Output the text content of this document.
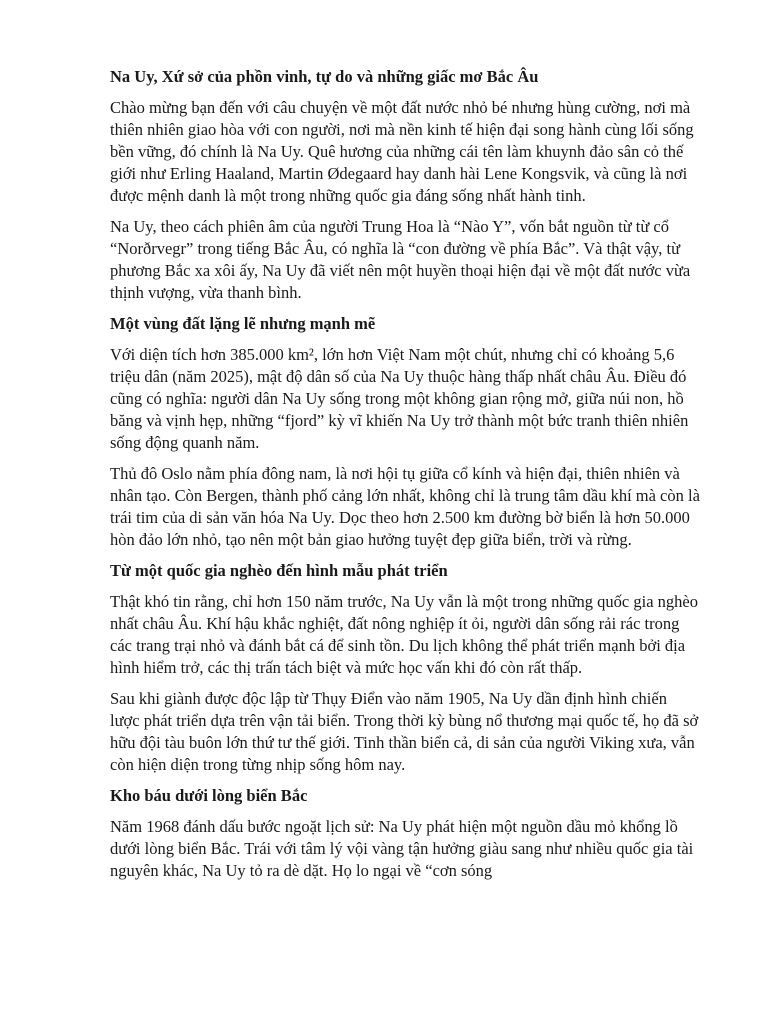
Na Uy, Xứ sở của phồn vinh, tự do và những giấc mơ Bắc Âu

Chào mừng bạn đến với câu chuyện về một đất nước nhỏ bé nhưng hùng cường, nơi mà thiên nhiên giao hòa với con người, nơi mà nền kinh tế hiện đại song hành cùng lối sống bền vững, đó chính là Na Uy. Quê hương của những cái tên làm khuynh đảo sân cỏ thế giới như Erling Haaland, Martin Ødegaard hay danh hài Lene Kongsvik, và cũng là nơi được mệnh danh là một trong những quốc gia đáng sống nhất hành tinh.

Na Uy, theo cách phiên âm của người Trung Hoa là “Nào Y”, vốn bắt nguồn từ từ cổ “Norðrvegr” trong tiếng Bắc Âu, có nghĩa là “con đường về phía Bắc”. Và thật vậy, từ phương Bắc xa xôi ấy, Na Uy đã viết nên một huyền thoại hiện đại về một đất nước vừa thịnh vượng, vừa thanh bình.

Một vùng đất lặng lẽ nhưng mạnh mẽ

Với diện tích hơn 385.000 km², lớn hơn Việt Nam một chút, nhưng chỉ có khoảng 5,6 triệu dân (năm 2025), mật độ dân số của Na Uy thuộc hàng thấp nhất châu Âu. Điều đó cũng có nghĩa: người dân Na Uy sống trong một không gian rộng mở, giữa núi non, hồ băng và vịnh hẹp, những “fjord” kỳ vĩ khiến Na Uy trở thành một bức tranh thiên nhiên sống động quanh năm.

Thủ đô Oslo nằm phía đông nam, là nơi hội tụ giữa cổ kính và hiện đại, thiên nhiên và nhân tạo. Còn Bergen, thành phố cảng lớn nhất, không chỉ là trung tâm dầu khí mà còn là trái tim của di sản văn hóa Na Uy. Dọc theo hơn 2.500 km đường bờ biển là hơn 50.000 hòn đảo lớn nhỏ, tạo nên một bản giao hưởng tuyệt đẹp giữa biển, trời và rừng.

Từ một quốc gia nghèo đến hình mẫu phát triển

Thật khó tin rằng, chỉ hơn 150 năm trước, Na Uy vẫn là một trong những quốc gia nghèo nhất châu Âu. Khí hậu khắc nghiệt, đất nông nghiệp ít ỏi, người dân sống rải rác trong các trang trại nhỏ và đánh bắt cá để sinh tồn. Du lịch không thể phát triển mạnh bởi địa hình hiểm trở, các thị trấn tách biệt và mức học vấn khi đó còn rất thấp.

Sau khi giành được độc lập từ Thụy Điển vào năm 1905, Na Uy dần định hình chiến lược phát triển dựa trên vận tải biển. Trong thời kỳ bùng nổ thương mại quốc tế, họ đã sở hữu đội tàu buôn lớn thứ tư thế giới. Tinh thần biển cả, di sản của người Viking xưa, vẫn còn hiện diện trong từng nhịp sống hôm nay.

Kho báu dưới lòng biển Bắc

Năm 1968 đánh dấu bước ngoặt lịch sử: Na Uy phát hiện một nguồn dầu mỏ khổng lồ dưới lòng biển Bắc. Trái với tâm lý vội vàng tận hưởng giàu sang như nhiều quốc gia tài nguyên khác, Na Uy tỏ ra dè dặt. Họ lo ngại về “cơn sóng
